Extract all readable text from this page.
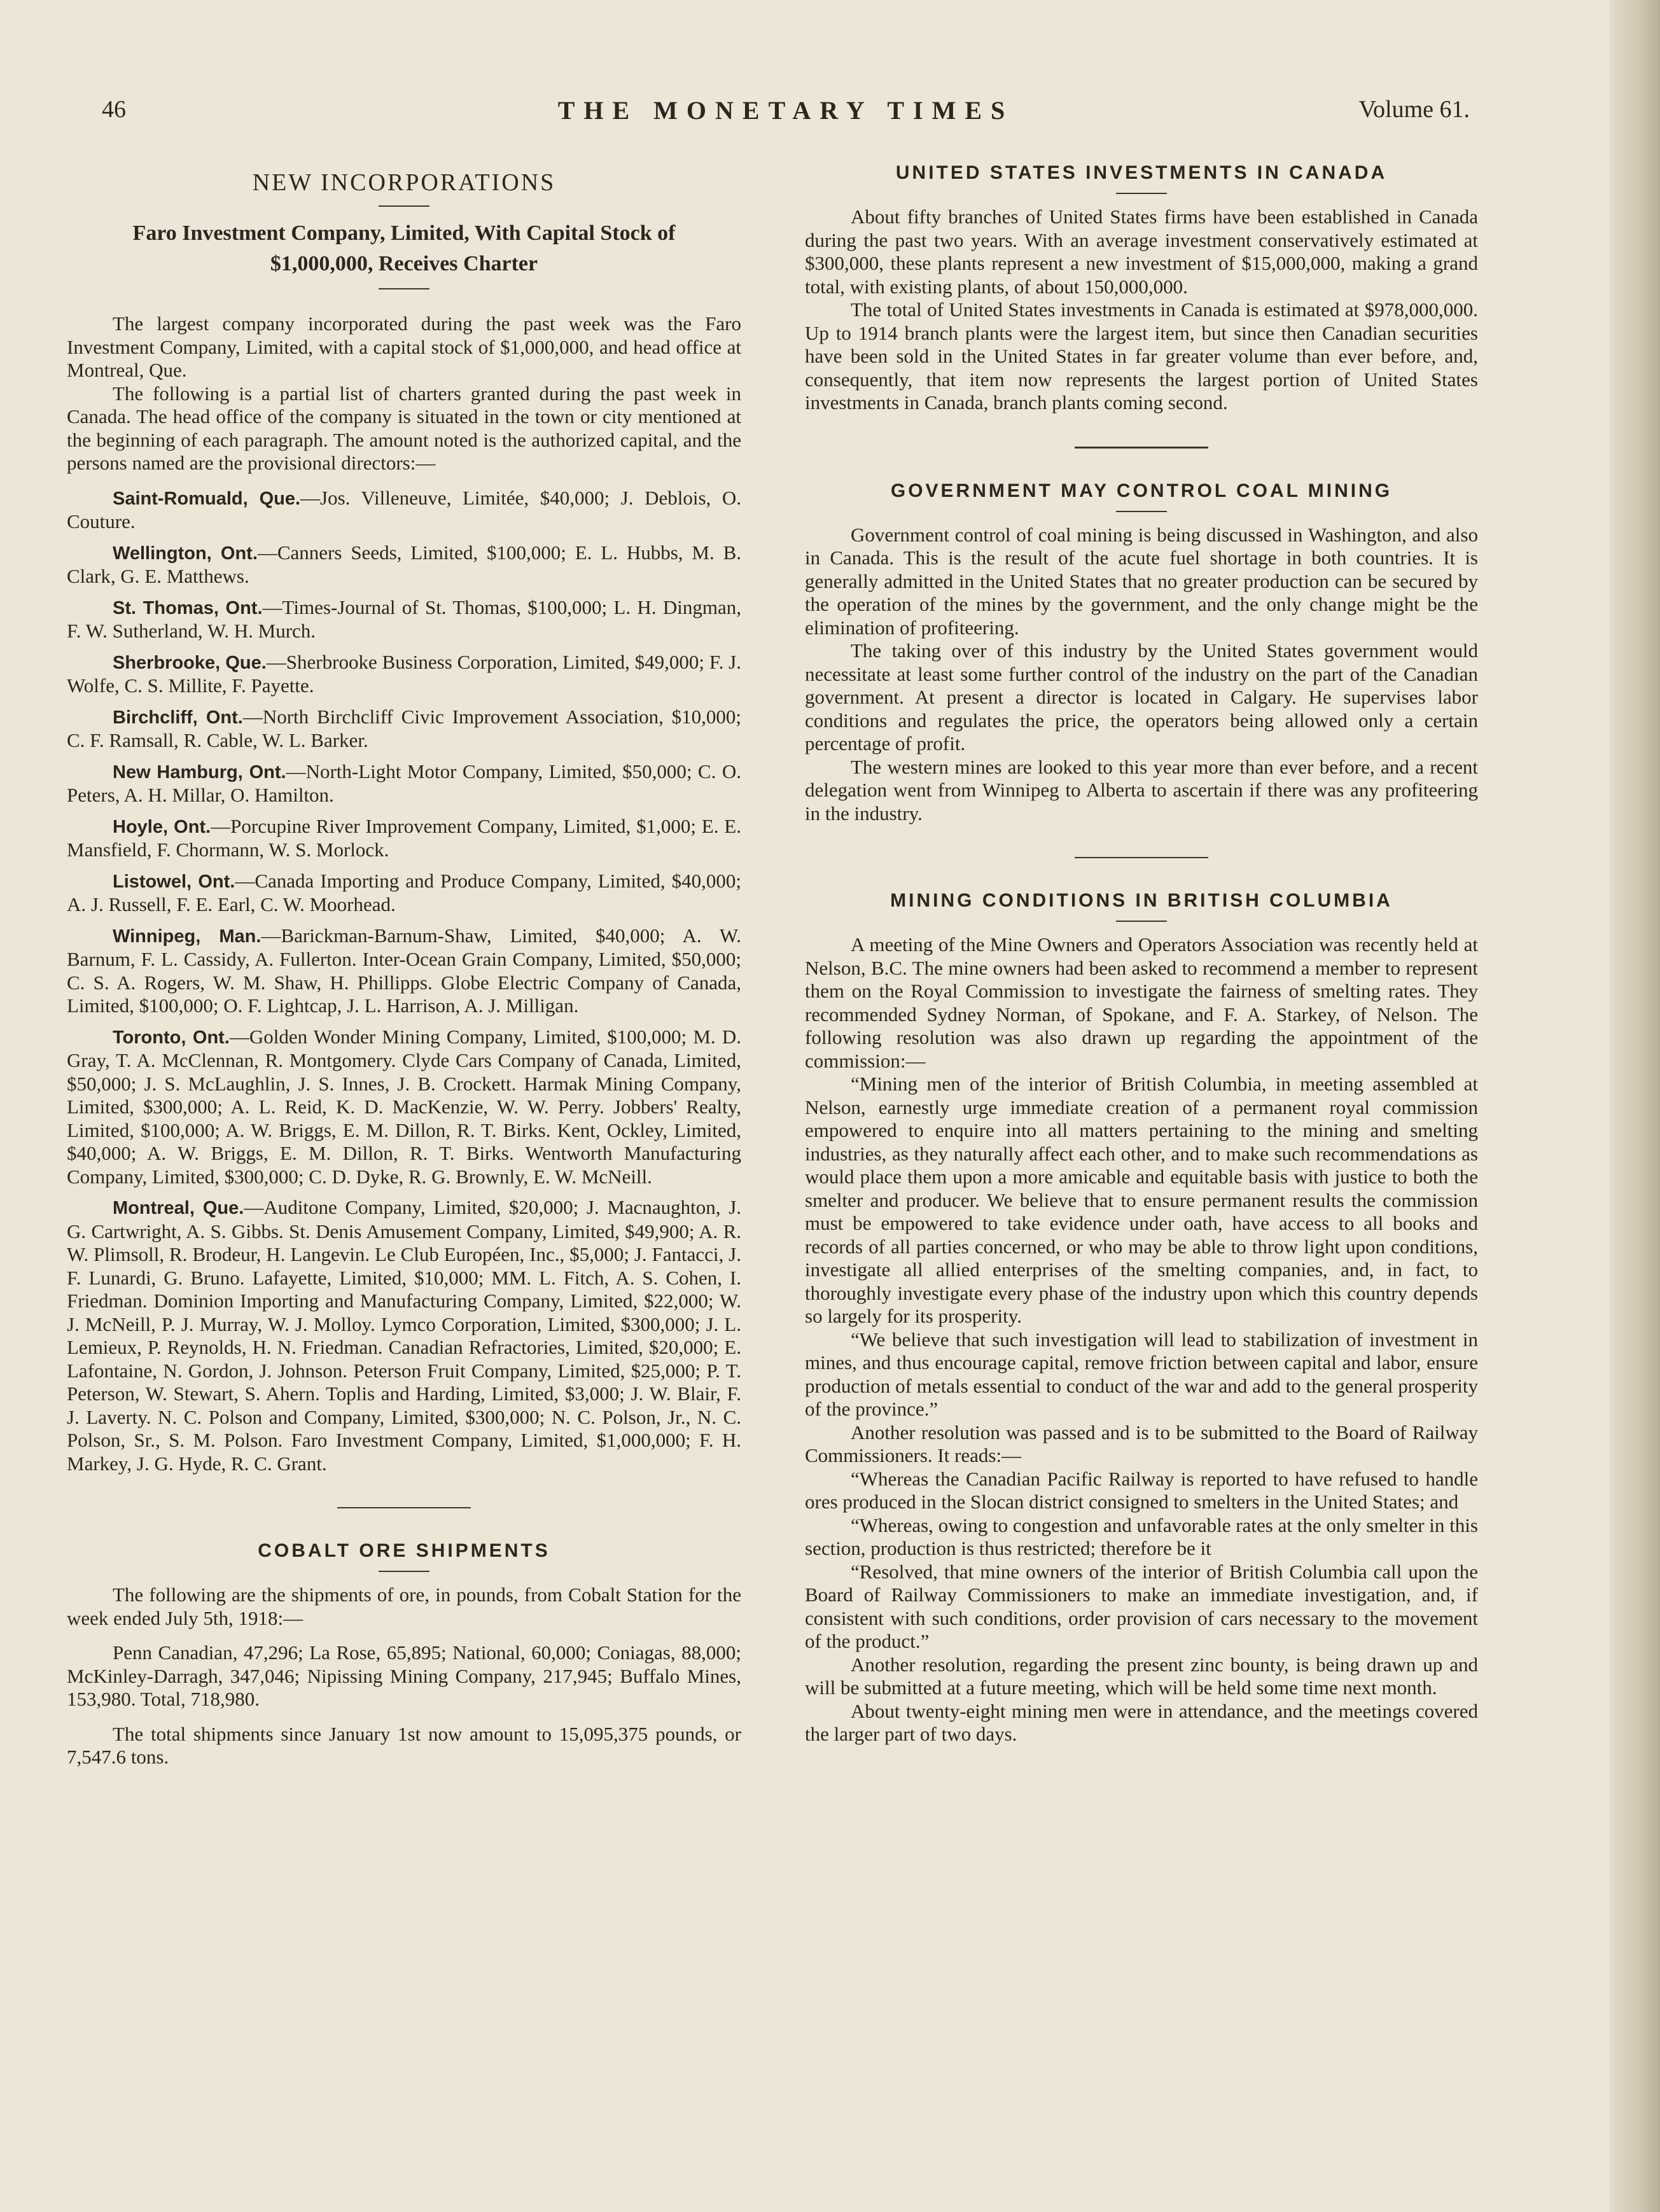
46	THE MONETARY TIMES	Volume 61.
NEW INCORPORATIONS
Faro Investment Company, Limited, With Capital Stock of $1,000,000, Receives Charter

The largest company incorporated during the past week was the Faro Investment Company, Limited, with a capital stock of $1,000,000, and head office at Montreal, Que.

The following is a partial list of charters granted during the past week in Canada. The head office of the company is situated in the town or city mentioned at the beginning of each paragraph. The amount noted is the authorized capital, and the persons named are the provisional directors:—

Saint-Romuald, Que.—Jos. Villeneuve, Limitée, $40,000; J. Deblois, O. Couture.

Wellington, Ont.—Canners Seeds, Limited, $100,000; E. L. Hubbs, M. B. Clark, G. E. Matthews.

St. Thomas, Ont.—Times-Journal of St. Thomas, $100,000; L. H. Dingman, F. W. Sutherland, W. H. Murch.

Sherbrooke, Que.—Sherbrooke Business Corporation, Limited, $49,000; F. J. Wolfe, C. S. Millite, F. Payette.

Birchcliff, Ont.—North Birchcliff Civic Improvement Association, $10,000; C. F. Ramsall, R. Cable, W. L. Barker.

New Hamburg, Ont.—North-Light Motor Company, Limited, $50,000; C. O. Peters, A. H. Millar, O. Hamilton.

Hoyle, Ont.—Porcupine River Improvement Company, Limited, $1,000; E. E. Mansfield, F. Chormann, W. S. Morlock.

Listowel, Ont.—Canada Importing and Produce Company, Limited, $40,000; A. J. Russell, F. E. Earl, C. W. Moorhead.

Winnipeg, Man.—Barickman-Barnum-Shaw, Limited, $40,000; A. W. Barnum, F. L. Cassidy, A. Fullerton. Inter-Ocean Grain Company, Limited, $50,000; C. S. A. Rogers, W. M. Shaw, H. Phillipps. Globe Electric Company of Canada, Limited, $100,000; O. F. Lightcap, J. L. Harrison, A. J. Milligan.

Toronto, Ont.—Golden Wonder Mining Company, Limited, $100,000; M. D. Gray, T. A. McClennan, R. Montgomery. Clyde Cars Company of Canada, Limited, $50,000; J. S. McLaughlin, J. S. Innes, J. B. Crockett. Harmak Mining Company, Limited, $300,000; A. L. Reid, K. D. MacKenzie, W. W. Perry. Jobbers' Realty, Limited, $100,000; A. W. Briggs, E. M. Dillon, R. T. Birks. Kent, Ockley, Limited, $40,000; A. W. Briggs, E. M. Dillon, R. T. Birks. Wentworth Manufacturing Company, Limited, $300,000; C. D. Dyke, R. G. Brownly, E. W. McNeill.

Montreal, Que.—Auditone Company, Limited, $20,000; J. Macnaughton, J. G. Cartwright, A. S. Gibbs. St. Denis Amusement Company, Limited, $49,900; A. R. W. Plimsoll, R. Brodeur, H. Langevin. Le Club Européen, Inc., $5,000; J. Fantacci, J. F. Lunardi, G. Bruno. Lafayette, Limited, $10,000; MM. L. Fitch, A. S. Cohen, I. Friedman. Dominion Importing and Manufacturing Company, Limited, $22,000; W. J. McNeill, P. J. Murray, W. J. Molloy. Lymco Corporation, Limited, $300,000; J. L. Lemieux, P. Reynolds, H. N. Friedman. Canadian Refractories, Limited, $20,000; E. Lafontaine, N. Gordon, J. Johnson. Peterson Fruit Company, Limited, $25,000; P. T. Peterson, W. Stewart, S. Ahern. Toplis and Harding, Limited, $3,000; J. W. Blair, F. J. Laverty. N. C. Polson and Company, Limited, $300,000; N. C. Polson, Jr., N. C. Polson, Sr., S. M. Polson. Faro Investment Company, Limited, $1,000,000; F. H. Markey, J. G. Hyde, R. C. Grant.

COBALT ORE SHIPMENTS

The following are the shipments of ore, in pounds, from Cobalt Station for the week ended July 5th, 1918:—

Penn Canadian, 47,296; La Rose, 65,895; National, 60,000; Coniagas, 88,000; McKinley-Darragh, 347,046; Nipissing Mining Company, 217,945; Buffalo Mines, 153,980. Total, 718,980.

The total shipments since January 1st now amount to 15,095,375 pounds, or 7,547.6 tons.

UNITED STATES INVESTMENTS IN CANADA

About fifty branches of United States firms have been established in Canada during the past two years. With an average investment conservatively estimated at $300,000, these plants represent a new investment of $15,000,000, making a grand total, with existing plants, of about 150,000,000.

The total of United States investments in Canada is estimated at $978,000,000. Up to 1914 branch plants were the largest item, but since then Canadian securities have been sold in the United States in far greater volume than ever before, and, consequently, that item now represents the largest portion of United States investments in Canada, branch plants coming second.

GOVERNMENT MAY CONTROL COAL MINING

Government control of coal mining is being discussed in Washington, and also in Canada. This is the result of the acute fuel shortage in both countries. It is generally admitted in the United States that no greater production can be secured by the operation of the mines by the government, and the only change might be the elimination of profiteering.

The taking over of this industry by the United States government would necessitate at least some further control of the industry on the part of the Canadian government. At present a director is located in Calgary. He supervises labor conditions and regulates the price, the operators being allowed only a certain percentage of profit.

The western mines are looked to this year more than ever before, and a recent delegation went from Winnipeg to Alberta to ascertain if there was any profiteering in the industry.

MINING CONDITIONS IN BRITISH COLUMBIA

A meeting of the Mine Owners and Operators Association was recently held at Nelson, B.C. The mine owners had been asked to recommend a member to represent them on the Royal Commission to investigate the fairness of smelting rates. They recommended Sydney Norman, of Spokane, and F. A. Starkey, of Nelson. The following resolution was also drawn up regarding the appointment of the commission:—

“Mining men of the interior of British Columbia, in meeting assembled at Nelson, earnestly urge immediate creation of a permanent royal commission empowered to enquire into all matters pertaining to the mining and smelting industries, as they naturally affect each other, and to make such recommendations as would place them upon a more amicable and equitable basis with justice to both the smelter and producer. We believe that to ensure permanent results the commission must be empowered to take evidence under oath, have access to all books and records of all parties concerned, or who may be able to throw light upon conditions, investigate all allied enterprises of the smelting companies, and, in fact, to thoroughly investigate every phase of the industry upon which this country depends so largely for its prosperity.

“We believe that such investigation will lead to stabilization of investment in mines, and thus encourage capital, remove friction between capital and labor, ensure production of metals essential to conduct of the war and add to the general prosperity of the province.”

Another resolution was passed and is to be submitted to the Board of Railway Commissioners. It reads:—

“Whereas the Canadian Pacific Railway is reported to have refused to handle ores produced in the Slocan district consigned to smelters in the United States; and

“Whereas, owing to congestion and unfavorable rates at the only smelter in this section, production is thus restricted; therefore be it

“Resolved, that mine owners of the interior of British Columbia call upon the Board of Railway Commissioners to make an immediate investigation, and, if consistent with such conditions, order provision of cars necessary to the movement of the product.”

Another resolution, regarding the present zinc bounty, is being drawn up and will be submitted at a future meeting, which will be held some time next month.

About twenty-eight mining men were in attendance, and the meetings covered the larger part of two days.
